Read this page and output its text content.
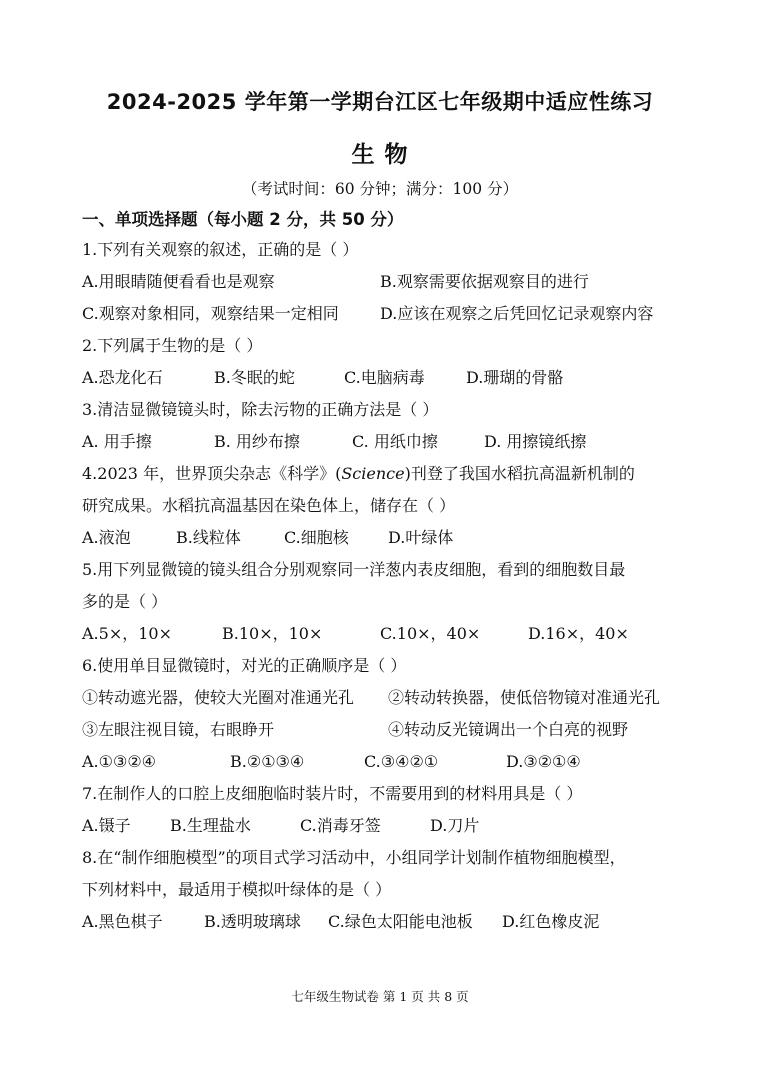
2024-2025 学年第一学期台江区七年级期中适应性练习
生 物
（考试时间：60 分钟；满分：100 分）
一、单项选择题（每小题 2 分，共 50 分）
1.下列有关观察的叙述，正确的是（ ）
A.用眼睛随便看看也是观察	B.观察需要依据观察目的进行
C.观察对象相同，观察结果一定相同	D.应该在观察之后凭回忆记录观察内容
2.下列属于生物的是（ ）
A.恐龙化石	B.冬眠的蛇	C.电脑病毒	D.珊瑚的骨骼
3.清洁显微镜镜头时，除去污物的正确方法是（ ）
A. 用手擦	B. 用纱布擦	C. 用纸巾擦	D. 用擦镜纸擦
4.2023 年，世界顶尖杂志《科学》(Science)刊登了我国水稻抗高温新机制的
研究成果。水稻抗高温基因在染色体上，储存在（ ）
A.液泡	B.线粒体	C.细胞核 D.叶绿体
5.用下列显微镜的镜头组合分别观察同一洋葱内表皮细胞，看到的细胞数目最
多的是（ ）
A.5×，10×	B.10×，10×	C.10×，40×	D.16×，40×
6.使用单目显微镜时，对光的正确顺序是（ ）
①转动遮光器，使较大光圈对准通光孔 ②转动转换器，使低倍物镜对准通光孔
③左眼注视目镜，右眼睁开	④转动反光镜调出一个白亮的视野
A.①③②④	B.②①③④	C.③④②①	D.③②①④
7.在制作人的口腔上皮细胞临时装片时，不需要用到的材料用具是（ ）
A.镊子 B.生理盐水	C.消毒牙签	D.刀片
8.在“制作细胞模型”的项目式学习活动中，小组同学计划制作植物细胞模型，
下列材料中，最适用于模拟叶绿体的是（ ）
A.黑色棋子	B.透明玻璃球 C.绿色太阳能电池板 D.红色橡皮泥
七年级生物试卷 第 1 页 共 8 页
